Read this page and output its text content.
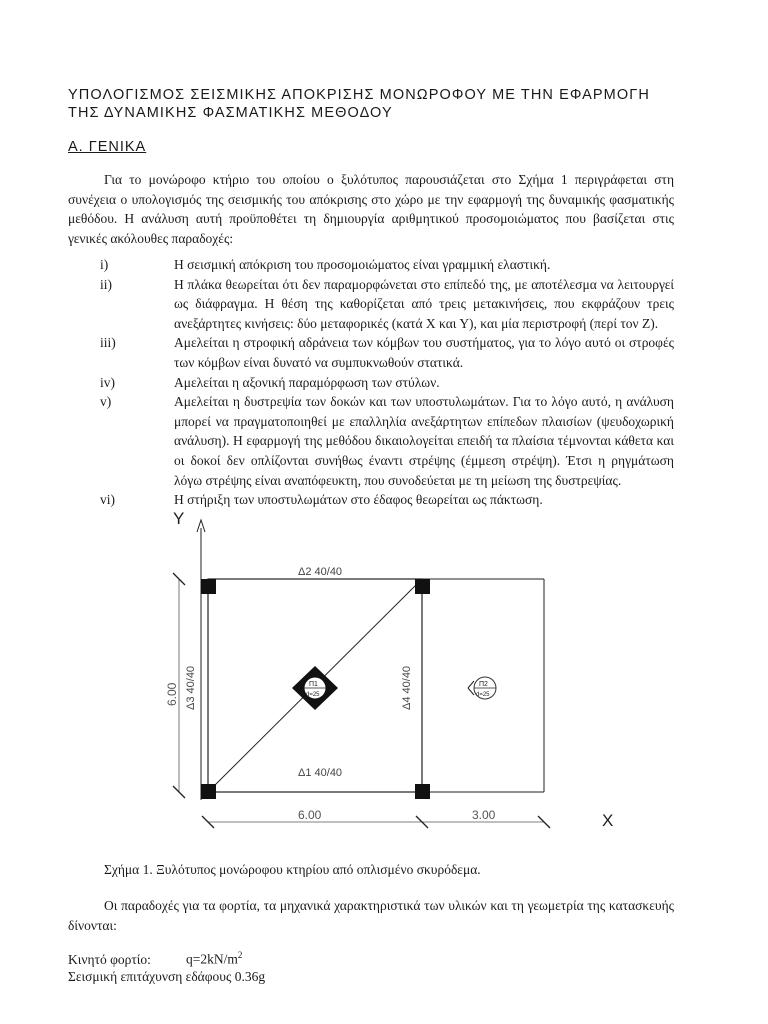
ΥΠΟΛΟΓΙΣΜΟΣ ΣΕΙΣΜΙΚΗΣ ΑΠΟΚΡΙΣΗΣ ΜΟΝΩΡΟΦΟΥ ΜΕ ΤΗΝ ΕΦΑΡΜΟΓΗ ΤΗΣ ΔΥΝΑΜΙΚΗΣ ΦΑΣΜΑΤΙΚΗΣ ΜΕΘΟΔΟΥ
Α. ΓΕΝΙΚΑ

Για το μονώροφο κτήριο του οποίου ο ξυλότυπος παρουσιάζεται στο Σχήμα 1 περιγράφεται στη συνέχεια ο υπολογισμός της σεισμικής του απόκρισης στο χώρο με την εφαρμογή της δυναμικής φασματικής μεθόδου. Η ανάλυση αυτή προϋποθέτει τη δημιουργία αριθμητικού προσομοιώματος που βασίζεται στις γενικές ακόλουθες παραδοχές:

i)	Η σεισμική απόκριση του προσομοιώματος είναι γραμμική ελαστική.
ii)	Η πλάκα θεωρείται ότι δεν παραμορφώνεται στο επίπεδό της, με αποτέλεσμα να λειτουργεί ως διάφραγμα. Η θέση της καθορίζεται από τρεις μετακινήσεις, που εκφράζουν τρεις ανεξάρτητες κινήσεις: δύο μεταφορικές (κατά Χ και Υ), και μία περιστροφή (περί τον Ζ).
iii)	Αμελείται η στροφική αδράνεια των κόμβων του συστήματος, για το λόγο αυτό οι στροφές των κόμβων είναι δυνατό να συμπυκνωθούν στατικά.
iv)	Αμελείται η αξονική παραμόρφωση των στύλων.
v)	Αμελείται η δυστρεψία των δοκών και των υποστυλωμάτων. Για το λόγο αυτό, η ανάλυση μπορεί να πραγματοποιηθεί με επαλληλία ανεξάρτητων επίπεδων πλαισίων (ψευδοχωρική ανάλυση). Η εφαρμογή της μεθόδου δικαιολογείται επειδή τα πλαίσια τέμνονται κάθετα και οι δοκοί δεν οπλίζονται συνήθως έναντι στρέψης (έμμεση στρέψη). Έτσι η ρηγμάτωση λόγω στρέψης είναι αναπόφευκτη, που συνοδεύεται με τη μείωση της δυστρεψίας.
vi)	Η στήριξη των υποστυλωμάτων στο έδαφος θεωρείται ως πάκτωση.
Y
Δ2 40/40
Δ1 40/40
Δ3 40/40	Δ4 40/40
6.00
6.00	3.00	X
Π1
d=25
Π2
d=25
Σχήμα 1. Ξυλότυπος μονώροφου κτηρίου από οπλισμένο σκυρόδεμα.

Οι παραδοχές για τα φορτία, τα μηχανικά χαρακτηριστικά των υλικών και τη γεωμετρία της κατασκευής δίνονται:

Κινητό φορτίο:	$q=2kN/m^2$
Σεισμική επιτάχυνση εδάφους 0.36g
